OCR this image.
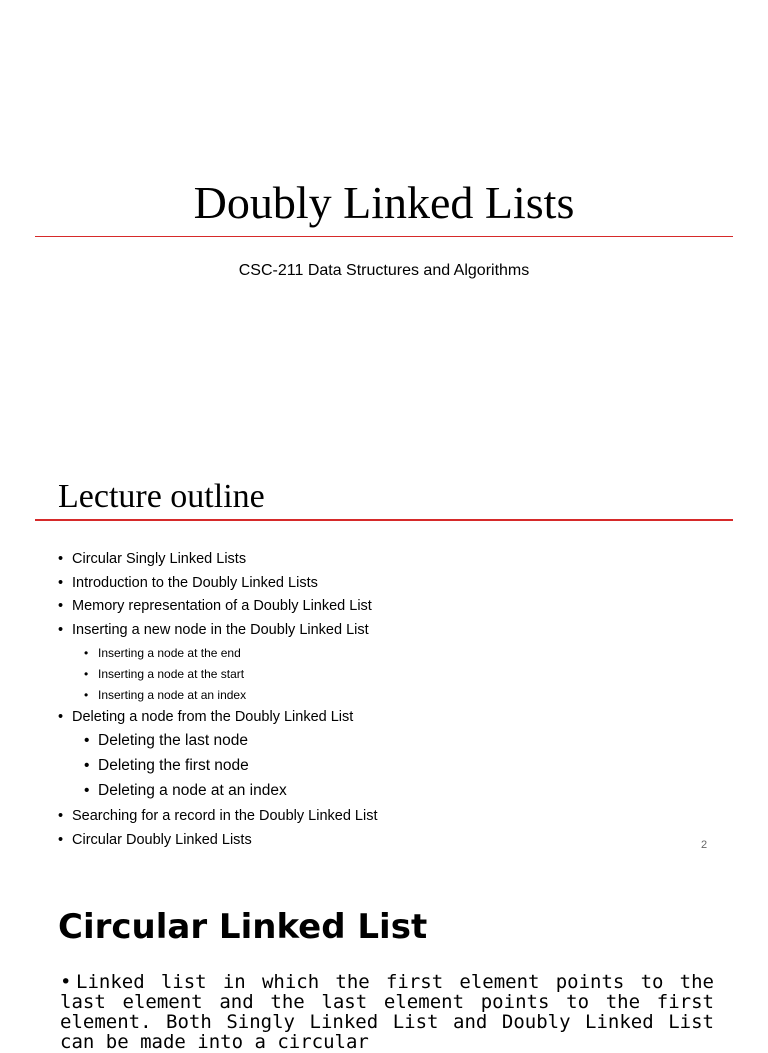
Doubly Linked Lists
CSC-211 Data Structures and Algorithms
Lecture outline
• Circular Singly Linked Lists
• Introduction to the Doubly Linked Lists
• Memory representation of a Doubly Linked List
• Inserting a new node in the Doubly Linked List
• Inserting a node at the end
• Inserting a node at the start
• Inserting a node at an index
• Deleting a node from the Doubly Linked List
• Deleting the last node
• Deleting the first node
• Deleting a node at an index
• Searching for a record in the Doubly Linked List
• Circular Doubly Linked Lists	2
Circular Linked List
• Linked list in which the first element points to the last element and the last element points to the first element. Both Singly Linked List and Doubly Linked List can be made into a circular
